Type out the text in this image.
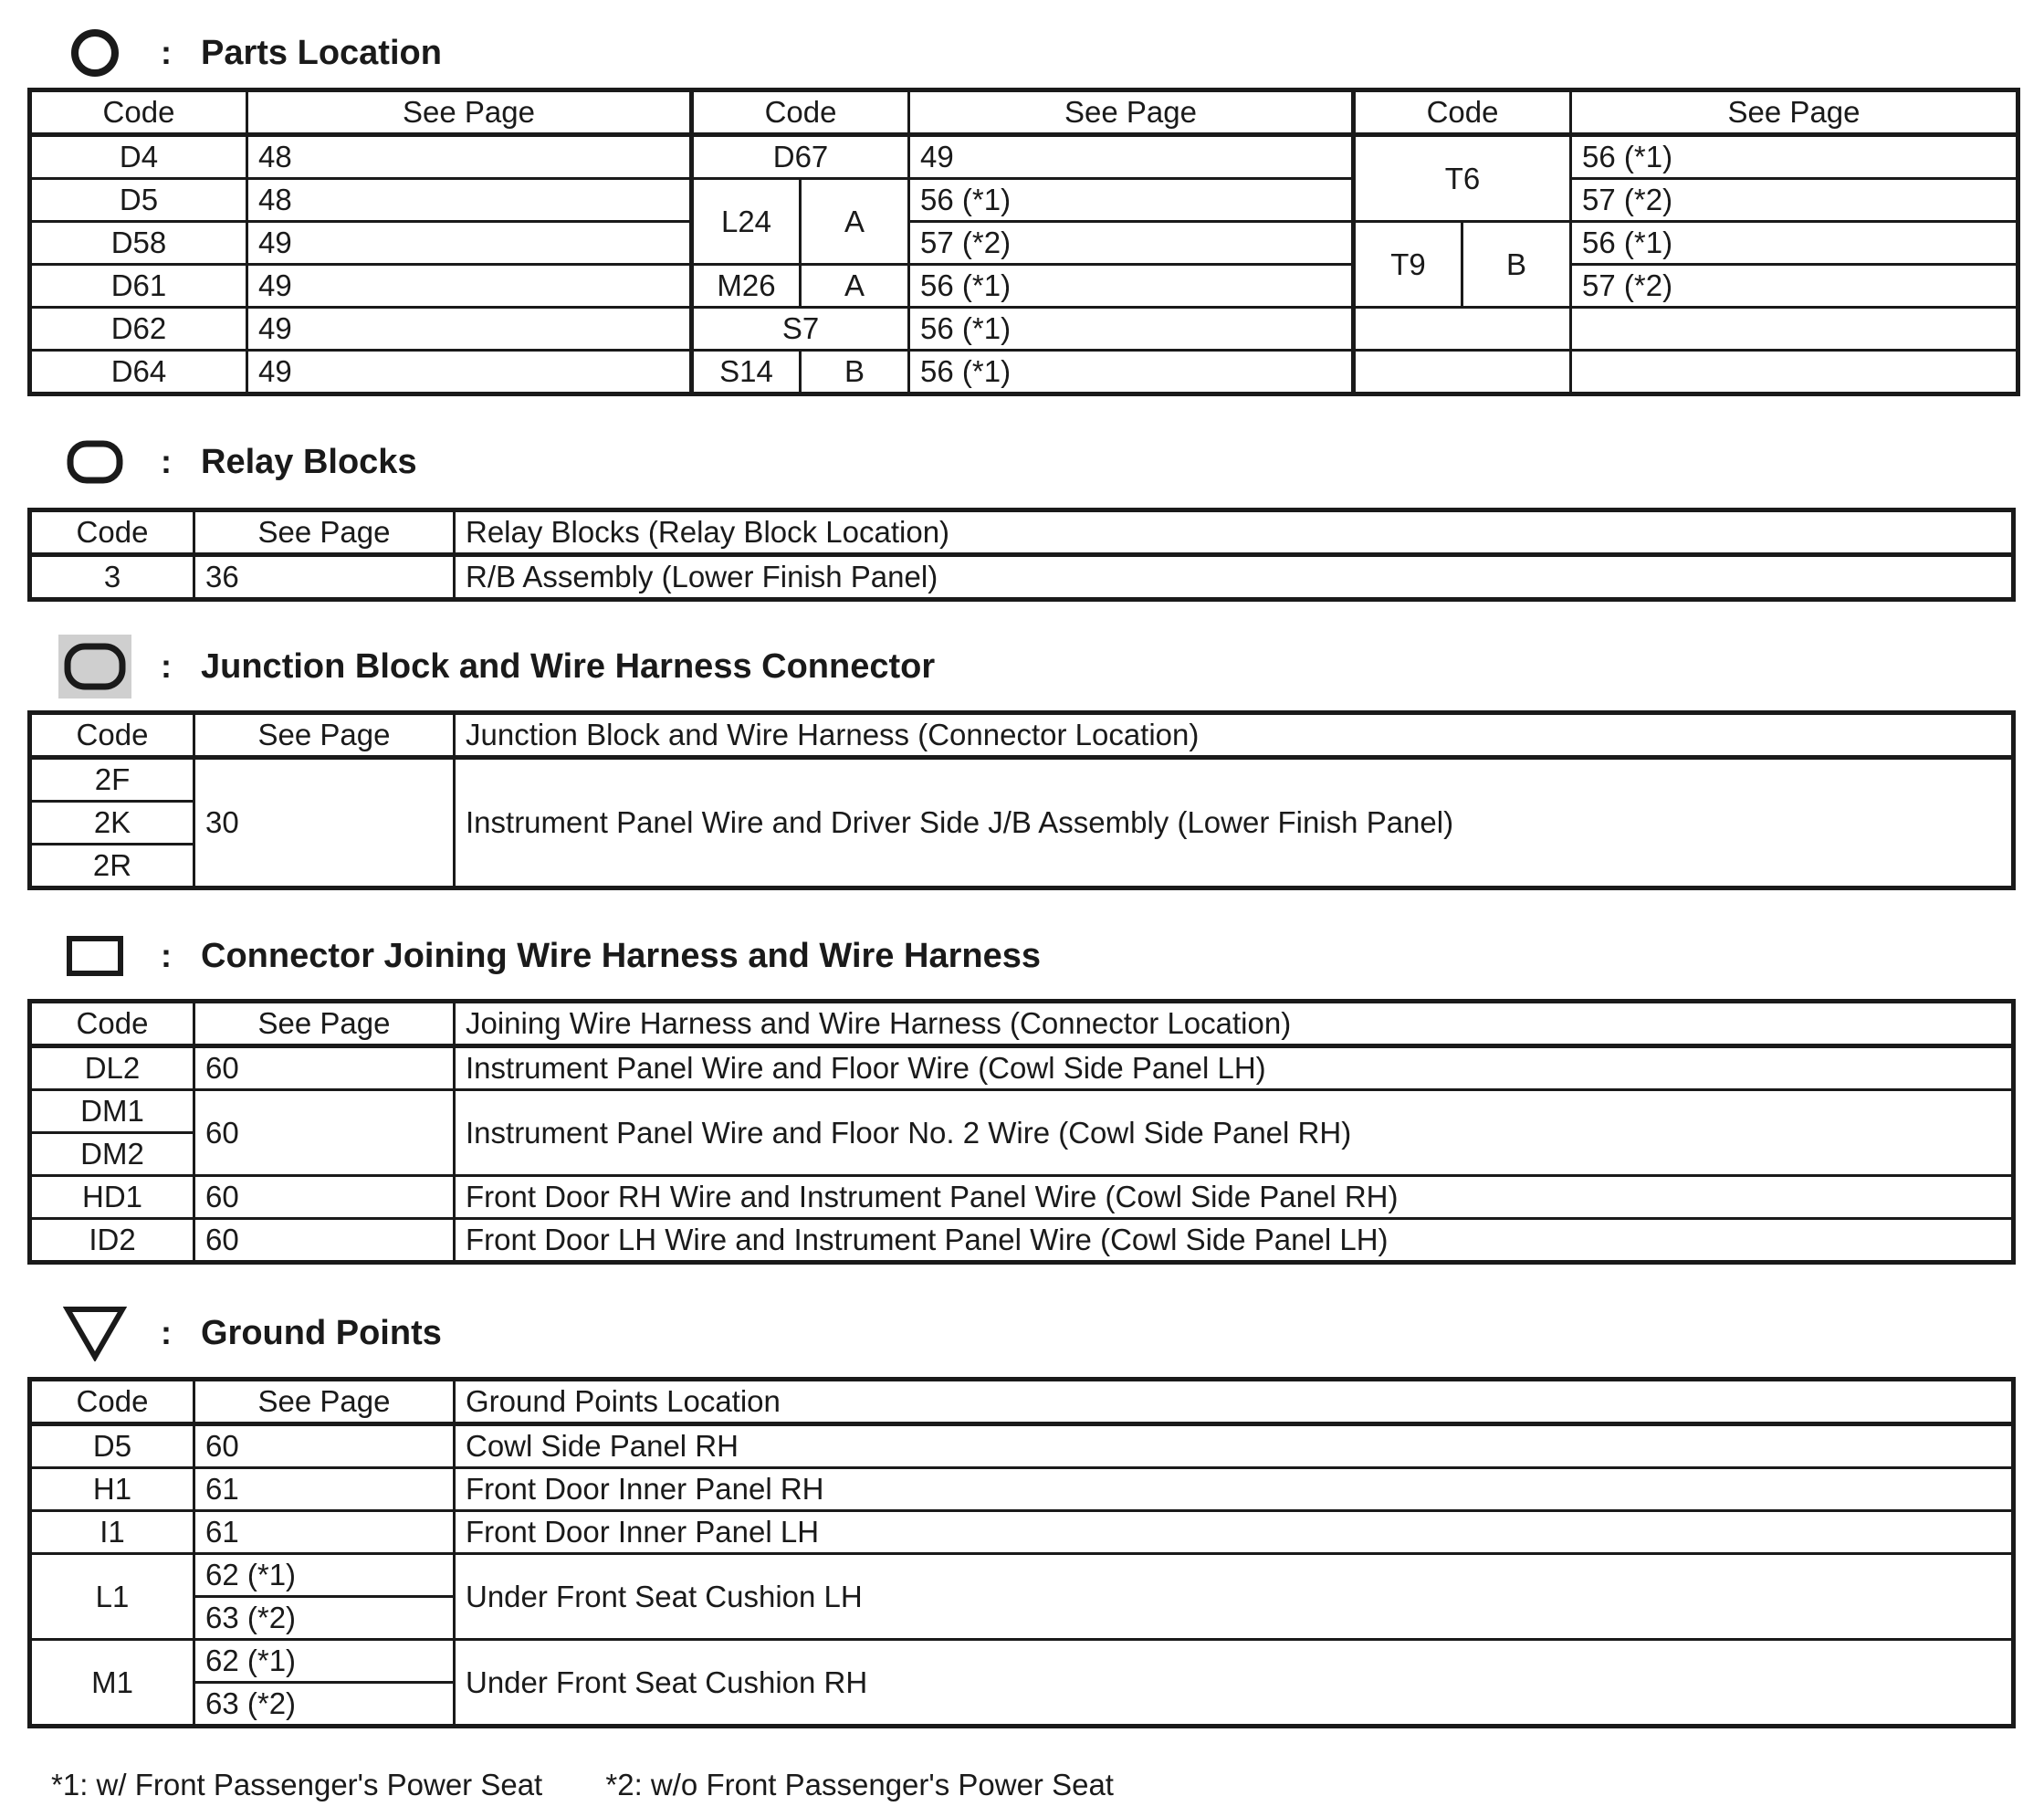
: Parts Location
Code	See Page	Code		See Page	Code		See Page
D4	48	D67		49	T6		56 (*1)
D5	48	L24	A	56 (*1)			57 (*2)
D58	49			57 (*2)	T9	B	56 (*1)
D61	49	M26	A	56 (*1)			57 (*2)
D62	49	S7		56 (*1)			
D64	49	S14	B	56 (*1)			
: Relay Blocks
Code	See Page	Relay Blocks (Relay Block Location)
3	36	R/B Assembly (Lower Finish Panel)
: Junction Block and Wire Harness Connector
Code	See Page	Junction Block and Wire Harness (Connector Location)
2F	30	Instrument Panel Wire and Driver Side J/B Assembly (Lower Finish Panel)
2K		
2R		
: Connector Joining Wire Harness and Wire Harness
Code	See Page	Joining Wire Harness and Wire Harness (Connector Location)
DL2	60	Instrument Panel Wire and Floor Wire (Cowl Side Panel LH)
DM1	60	Instrument Panel Wire and Floor No. 2 Wire (Cowl Side Panel RH)
DM2		
HD1	60	Front Door RH Wire and Instrument Panel Wire (Cowl Side Panel RH)
ID2	60	Front Door LH Wire and Instrument Panel Wire (Cowl Side Panel LH)
: Ground Points
Code	See Page	Ground Points Location
D5	60	Cowl Side Panel RH
H1	61	Front Door Inner Panel RH
I1	61	Front Door Inner Panel LH
L1	62 (*1)	Under Front Seat Cushion LH
	63 (*2)	
M1	62 (*1)	Under Front Seat Cushion RH
	63 (*2)	
*1: w/ Front Passenger's Power Seat *2: w/o Front Passenger's Power Seat
